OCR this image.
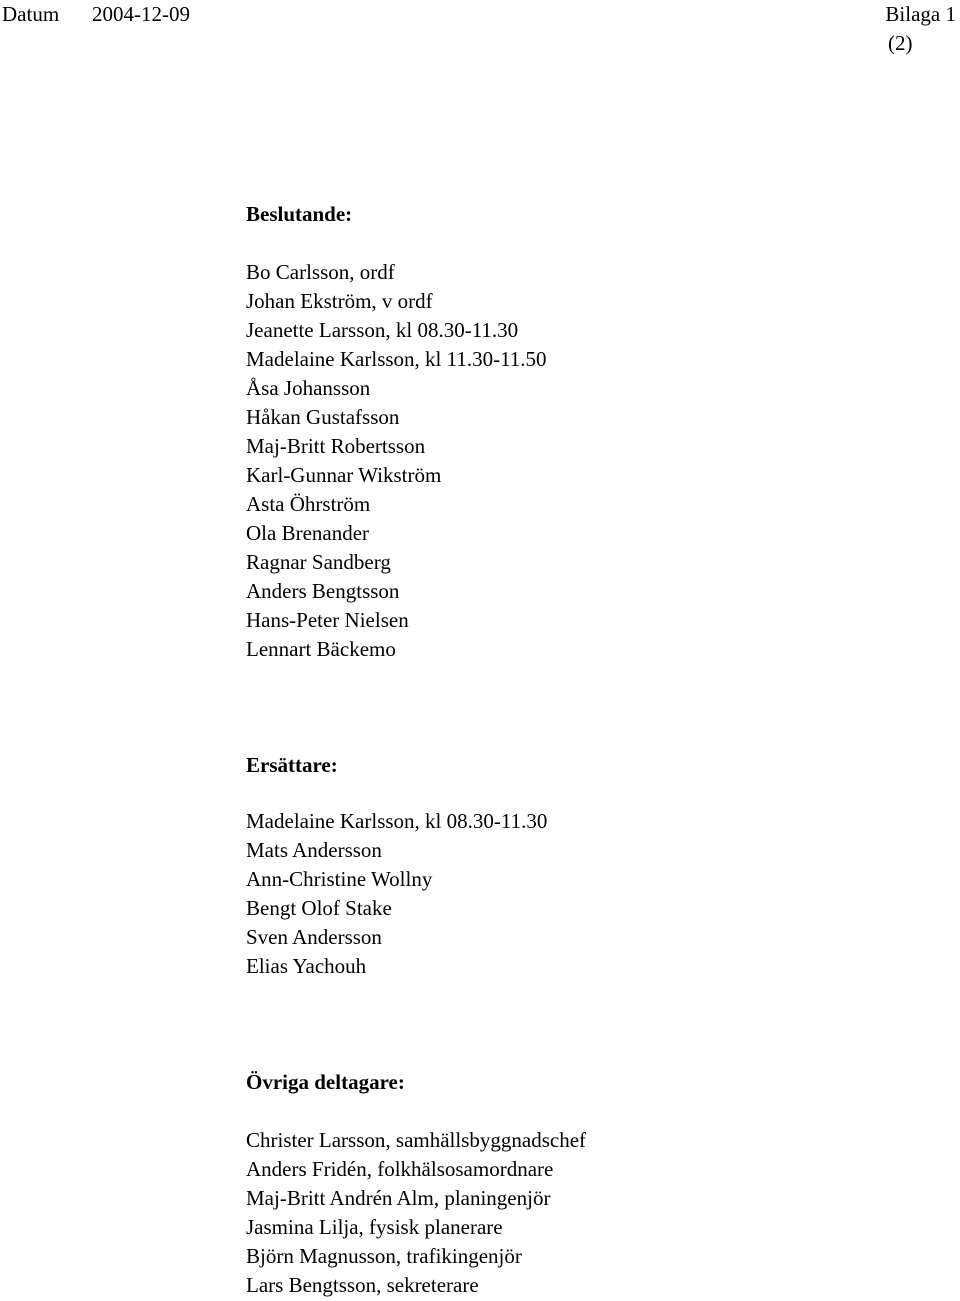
Datum 2004-12-09	Bilaga 1
(2)
Beslutande:
Bo Carlsson, ordf
Johan Ekström, v ordf
Jeanette Larsson, kl 08.30-11.30
Madelaine Karlsson, kl 11.30-11.50
Åsa Johansson
Håkan Gustafsson
Maj-Britt Robertsson
Karl-Gunnar Wikström
Asta Öhrström
Ola Brenander
Ragnar Sandberg
Anders Bengtsson
Hans-Peter Nielsen
Lennart Bäckemo
Ersättare:
Madelaine Karlsson, kl 08.30-11.30
Mats Andersson
Ann-Christine Wollny
Bengt Olof Stake
Sven Andersson
Elias Yachouh
Övriga deltagare:
Christer Larsson, samhällsbyggnadschef
Anders Fridén, folkhälsosamordnare
Maj-Britt Andrén Alm, planingenjör
Jasmina Lilja, fysisk planerare
Björn Magnusson, trafikingenjör
Lars Bengtsson, sekreterare
